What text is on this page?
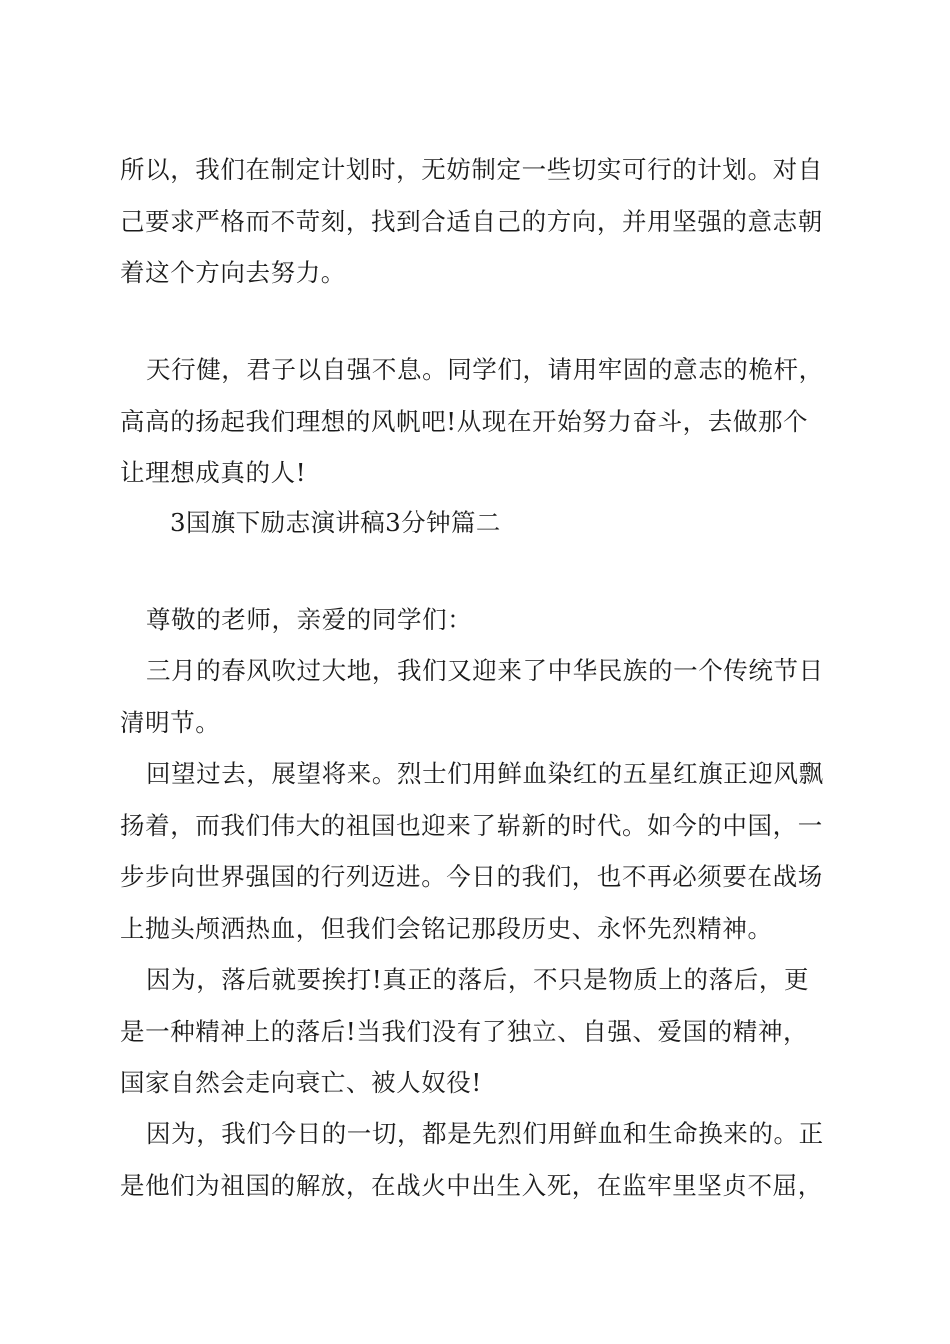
所以，我们在制定计划时，无妨制定一些切实可行的计划。对自
己要求严格而不苛刻，找到合适自己的方向，并用坚强的意志朝
着这个方向去努力。

天行健，君子以自强不息。同学们，请用牢固的意志的桅杆，
高高的扬起我们理想的风帆吧!从现在开始努力奋斗，去做那个
让理想成真的人!

3国旗下励志演讲稿3分钟篇二

尊敬的老师，亲爱的同学们：

三月的春风吹过大地，我们又迎来了中华民族的一个传统节日
清明节。

回望过去，展望将来。烈士们用鲜血染红的五星红旗正迎风飘
扬着，而我们伟大的祖国也迎来了崭新的时代。如今的中国，一
步步向世界强国的行列迈进。今日的我们，也不再必须要在战场
上抛头颅洒热血，但我们会铭记那段历史、永怀先烈精神。

因为，落后就要挨打!真正的落后，不只是物质上的落后，更
是一种精神上的落后!当我们没有了独立、自强、爱国的精神，
国家自然会走向衰亡、被人奴役!

因为，我们今日的一切，都是先烈们用鲜血和生命换来的。正
是他们为祖国的解放，在战火中出生入死，在监牢里坚贞不屈，
